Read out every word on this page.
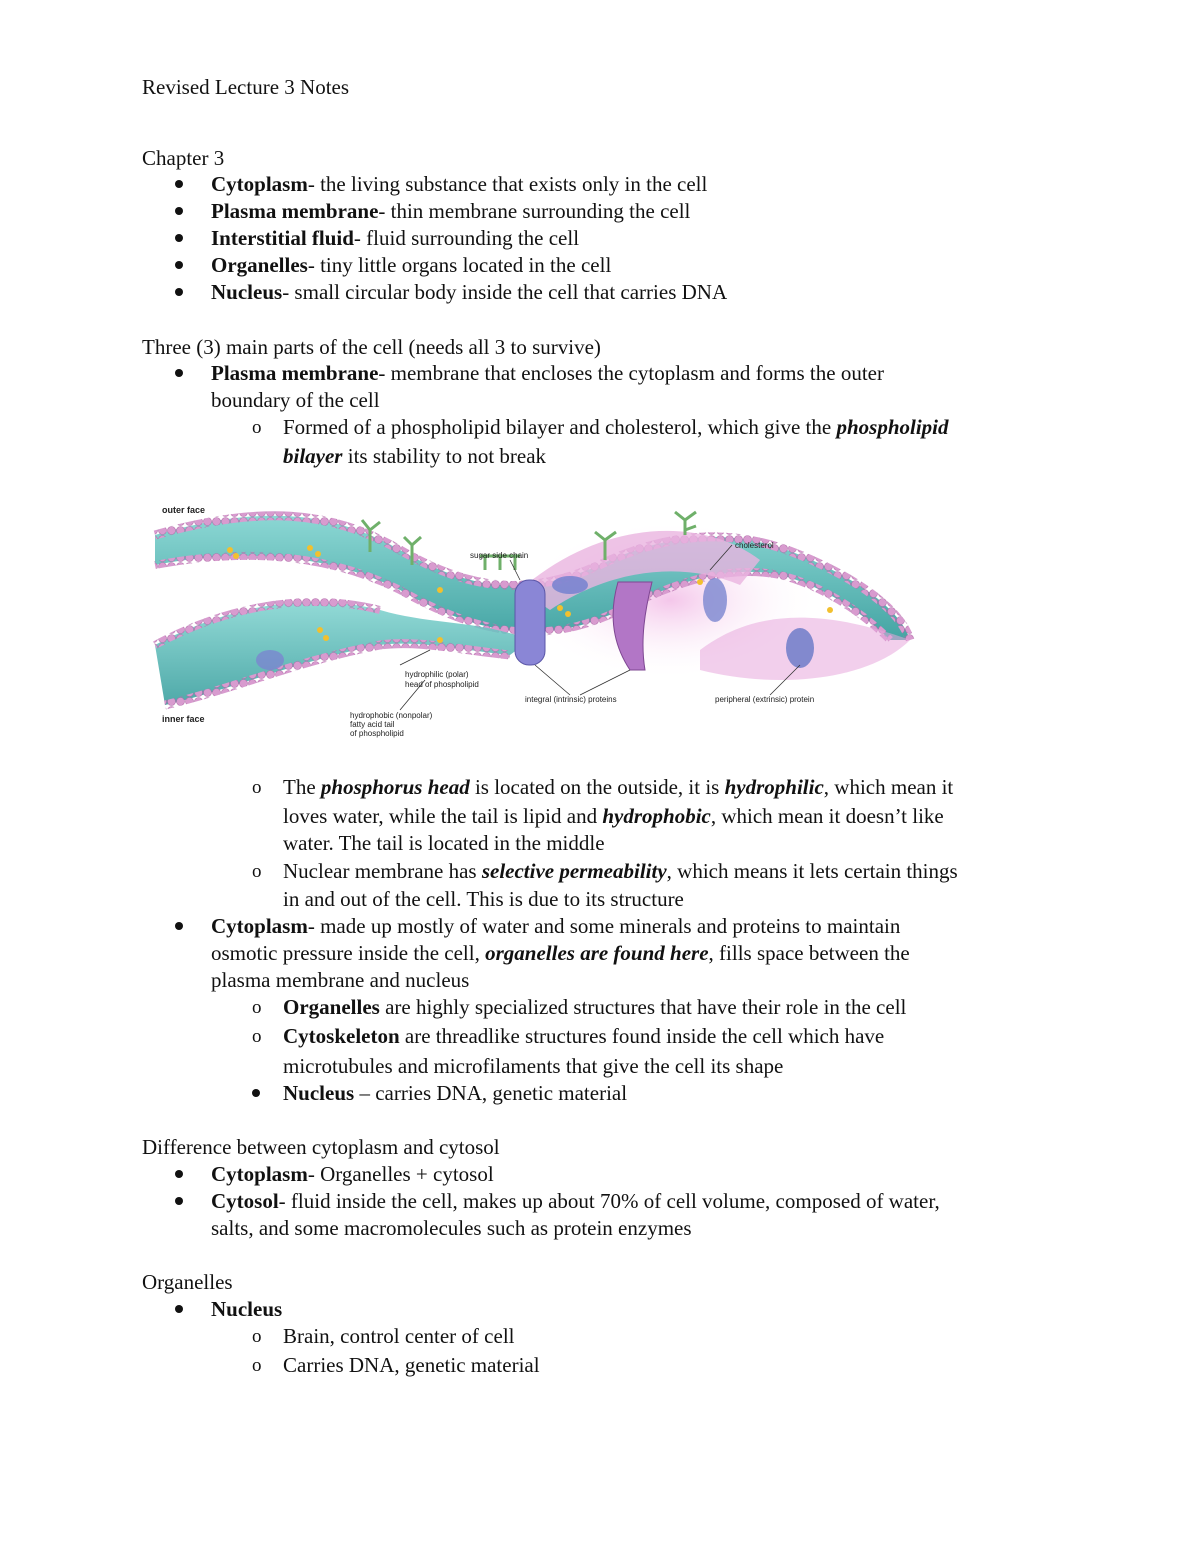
Revised Lecture 3 Notes
Chapter 3
Cytoplasm- the living substance that exists only in the cell
Plasma membrane- thin membrane surrounding the cell
Interstitial fluid- fluid surrounding the cell
Organelles- tiny little organs located in the cell
Nucleus- small circular body inside the cell that carries DNA
Three (3) main parts of the cell (needs all 3 to survive)
Plasma membrane- membrane that encloses the cytoplasm and forms the outer
boundary of the cell
o Formed of a phospholipid bilayer and cholesterol, which give the phospholipid
bilayer its stability to not break
outer face
sugar side chain
cholesterol
hydrophilic (polar)
head of phospholipid
integral (intrinsic) proteins	peripheral (extrinsic) protein
inner face	hydrophobic (nonpolar)
fatty acid tail
of phospholipid
o The phosphorus head is located on the outside, it is hydrophilic, which mean it
loves water, while the tail is lipid and hydrophobic, which mean it doesn’t like
water. The tail is located in the middle
o Nuclear membrane has selective permeability, which means it lets certain things
in and out of the cell. This is due to its structure
Cytoplasm- made up mostly of water and some minerals and proteins to maintain
osmotic pressure inside the cell, organelles are found here, fills space between the
plasma membrane and nucleus
o Organelles are highly specialized structures that have their role in the cell
o Cytoskeleton are threadlike structures found inside the cell which have
microtubules and microfilaments that give the cell its shape
Nucleus – carries DNA, genetic material
Difference between cytoplasm and cytosol
Cytoplasm- Organelles + cytosol
Cytosol- fluid inside the cell, makes up about 70% of cell volume, composed of water,
salts, and some macromolecules such as protein enzymes
Organelles
Nucleus
o Brain, control center of cell
o Carries DNA, genetic material
